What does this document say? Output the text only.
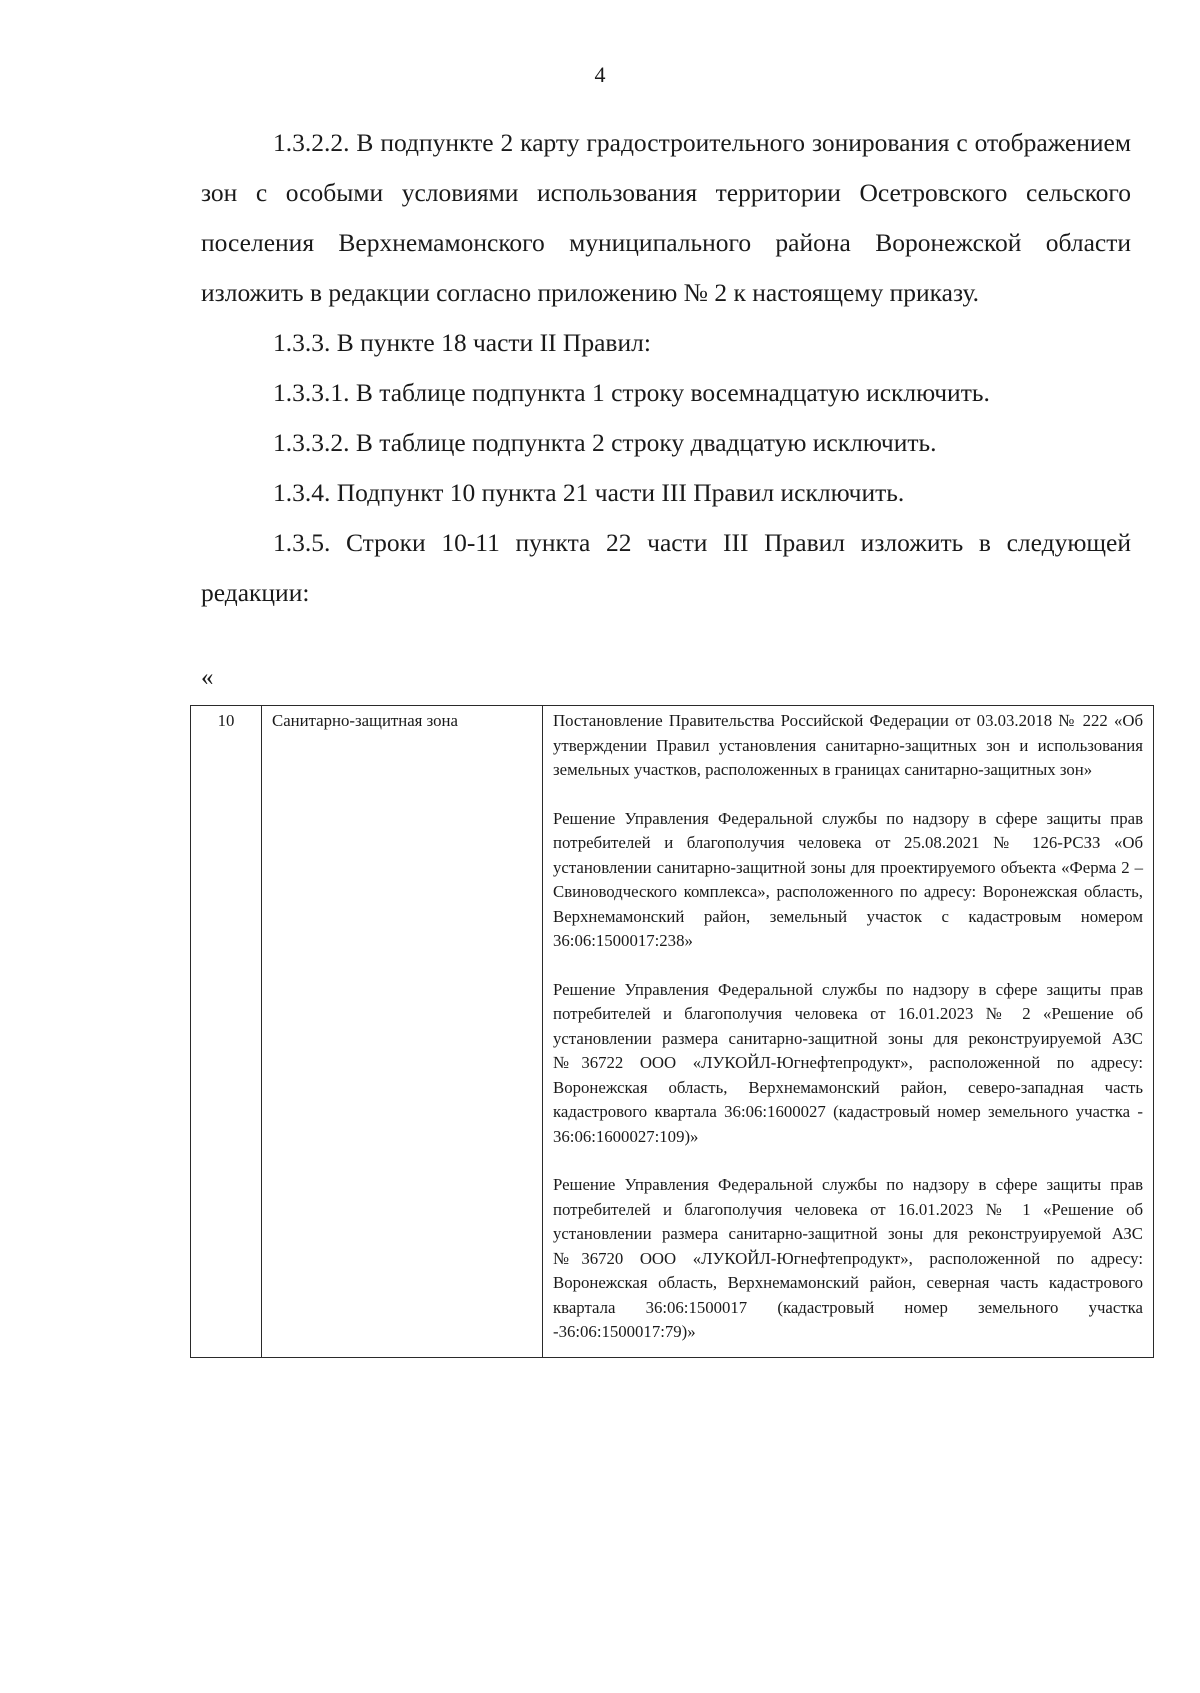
4

1.3.2.2. В подпункте 2 карту градостроительного зонирования с отображением зон с особыми условиями использования территории Осетровского сельского поселения Верхнемамонского муниципального района Воронежской области изложить в редакции согласно приложению № 2 к настоящему приказу.

1.3.3. В пункте 18 части II Правил:

1.3.3.1. В таблице подпункта 1 строку восемнадцатую исключить.

1.3.3.2. В таблице подпункта 2 строку двадцатую исключить.

1.3.4. Подпункт 10 пункта 21 части III Правил исключить.

1.3.5. Строки 10-11 пункта 22 части III Правил изложить в следующей редакции:

«
10	Санитарно-защитная зона	Постановление Правительства Российской Федерации от 03.03.2018 № 222 «Об утверждении Правил установления санитарно-защитных зон и использования земельных участков, расположенных в границах санитарно-защитных зон»

Решение Управления Федеральной службы по надзору в сфере защиты прав потребителей и благополучия человека от 25.08.2021 № 126-РСЗЗ «Об установлении санитарно-защитной зоны для проектируемого объекта «Ферма 2 – Свиноводческого комплекса», расположенного по адресу: Воронежская область, Верхнемамонский район, земельный участок с кадастровым номером 36:06:1500017:238»

Решение Управления Федеральной службы по надзору в сфере защиты прав потребителей и благополучия человека от 16.01.2023 № 2 «Решение об установлении размера санитарно-защитной зоны для реконструируемой АЗС №36722 ООО «ЛУКОЙЛ-Югнефтепродукт», расположенной по адресу: Воронежская область, Верхнемамонский район, северо-западная часть кадастрового квартала 36:06:1600027 (кадастровый номер земельного участка - 36:06:1600027:109)»

Решение Управления Федеральной службы по надзору в сфере защиты прав потребителей и благополучия человека от 16.01.2023 № 1 «Решение об установлении размера санитарно-защитной зоны для реконструируемой АЗС №36720 ООО «ЛУКОЙЛ-Югнефтепродукт», расположенной по адресу: Воронежская область, Верхнемамонский район, северная часть кадастрового квартала 36:06:1500017 (кадастровый номер земельного участка -36:06:1500017:79)»
